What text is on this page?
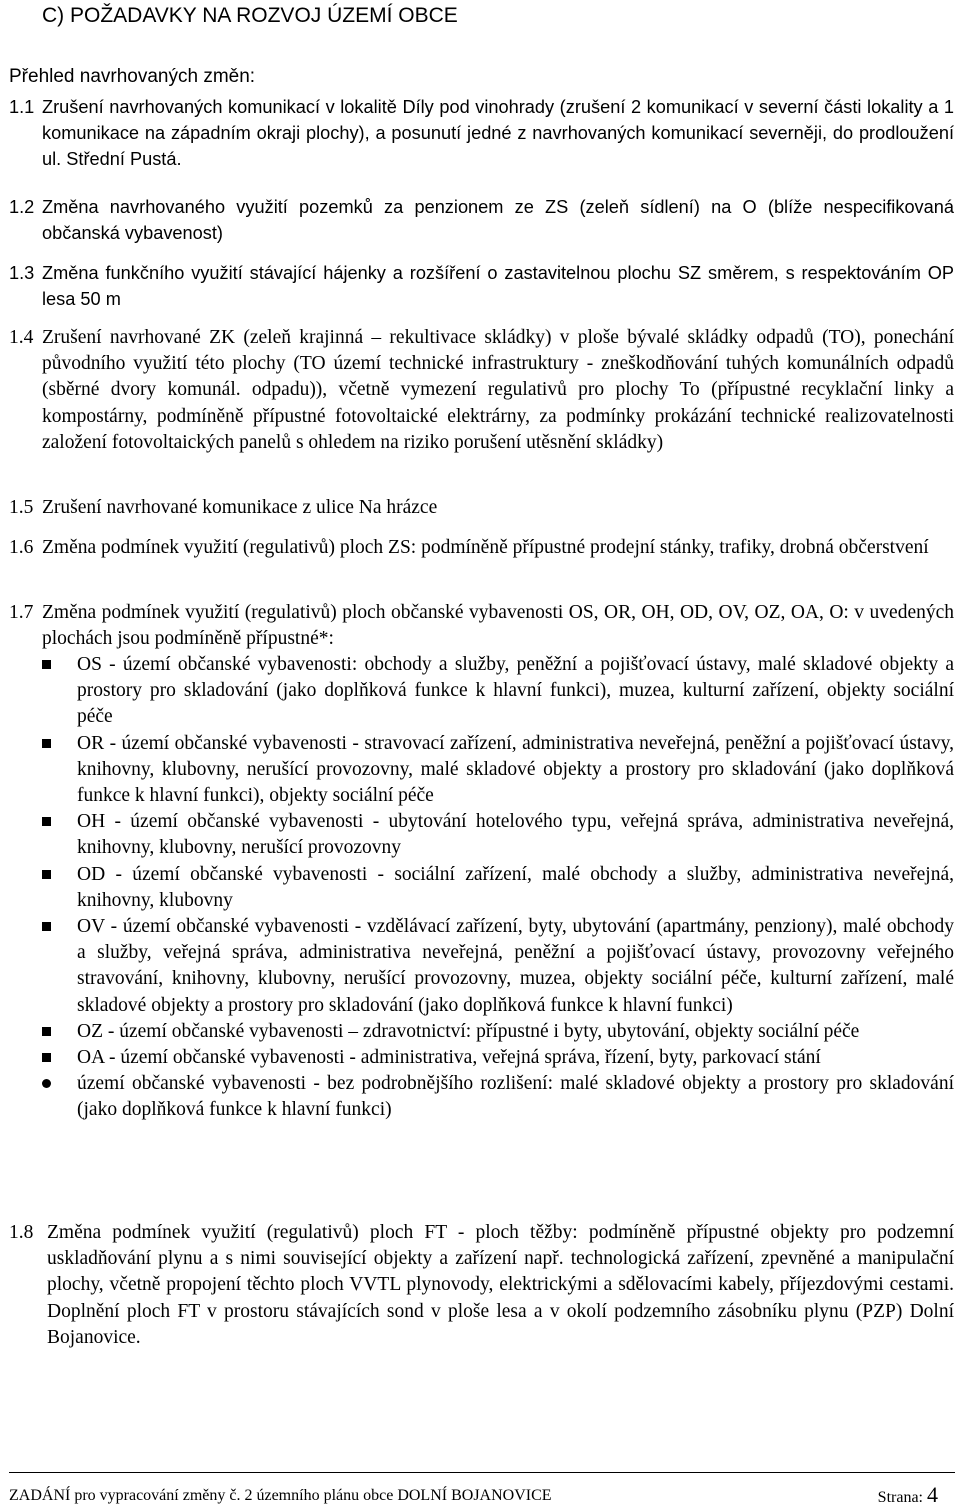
C) POŽADAVKY NA ROZVOJ ÚZEMÍ OBCE
Přehled navrhovaných změn:
1.1 Zrušení navrhovaných komunikací v lokalitě Díly pod vinohrady (zrušení 2 komunikací v severní části lokality a 1 komunikace na západním okraji plochy), a posunutí jedné z navrhovaných komunikací severněji, do prodloužení ul. Střední Pustá.
1.2 Změna navrhovaného využití pozemků za penzionem ze ZS (zeleň sídlení) na O (blíže nespecifikovaná občanská vybavenost)
1.3 Změna funkčního využití stávající hájenky a rozšíření o zastavitelnou plochu SZ směrem, s respektováním OP lesa 50 m
1.4 Zrušení navrhované ZK (zeleň krajinná – rekultivace skládky) v ploše bývalé skládky odpadů (TO), ponechání původního využití této plochy (TO území technické infrastruktury - zneškodňování tuhých komunálních odpadů (sběrné dvory komunál. odpadu)), včetně vymezení regulativů pro plochy To (přípustné recyklační linky a kompostárny, podmíněně přípustné fotovoltaické elektrárny, za podmínky prokázání technické realizovatelnosti založení fotovoltaických panelů s ohledem na riziko porušení utěsnění skládky)
1.5 Zrušení navrhované komunikace z ulice Na hrázce
1.6 Změna podmínek využití (regulativů) ploch ZS: podmíněně přípustné prodejní stánky, trafiky, drobná občerstvení
1.7 Změna podmínek využití (regulativů) ploch občanské vybavenosti OS, OR, OH, OD, OV, OZ, OA, O: v uvedených plochách jsou podmíněně přípustné*:
OS - území občanské vybavenosti: obchody a služby, peněžní a pojišťovací ústavy, malé skladové objekty a prostory pro skladování (jako doplňková funkce k hlavní funkci), muzea, kulturní zařízení, objekty sociální péče
OR - území občanské vybavenosti - stravovací zařízení, administrativa neveřejná, peněžní a pojišťovací ústavy, knihovny, klubovny, nerušící provozovny, malé skladové objekty a prostory pro skladování (jako doplňková funkce k hlavní funkci), objekty sociální péče
OH - území občanské vybavenosti - ubytování hotelového typu, veřejná správa, administrativa neveřejná, knihovny, klubovny, nerušící provozovny
OD - území občanské vybavenosti - sociální zařízení, malé obchody a služby, administrativa neveřejná, knihovny, klubovny
OV - území občanské vybavenosti - vzdělávací zařízení, byty, ubytování (apartmány, penziony), malé obchody a služby, veřejná správa, administrativa neveřejná, peněžní a pojišťovací ústavy, provozovny veřejného stravování, knihovny, klubovny, nerušící provozovny, muzea, objekty sociální péče, kulturní zařízení, malé skladové objekty a prostory pro skladování (jako doplňková funkce k hlavní funkci)
OZ - území občanské vybavenosti – zdravotnictví: přípustné i byty, ubytování, objekty sociální péče
OA - území občanské vybavenosti - administrativa, veřejná správa, řízení, byty, parkovací stání
území občanské vybavenosti - bez podrobnějšího rozlišení: malé skladové objekty a prostory pro skladování (jako doplňková funkce k hlavní funkci)
1.8 Změna podmínek využití (regulativů) ploch FT - ploch těžby: podmíněně přípustné objekty pro podzemní uskladňování plynu a s nimi související objekty a zařízení např. technologická zařízení, zpevněné a manipulační plochy, včetně propojení těchto ploch VVTL plynovody, elektrickými a sdělovacími kabely, příjezdovými cestami. Doplnění ploch FT v prostoru stávajících sond v ploše lesa a v okolí podzemního zásobníku plynu (PZP) Dolní Bojanovice.
ZADÁNÍ pro vypracování změny č. 2 územního plánu obce DOLNÍ BOJANOVICE	Strana: 4
